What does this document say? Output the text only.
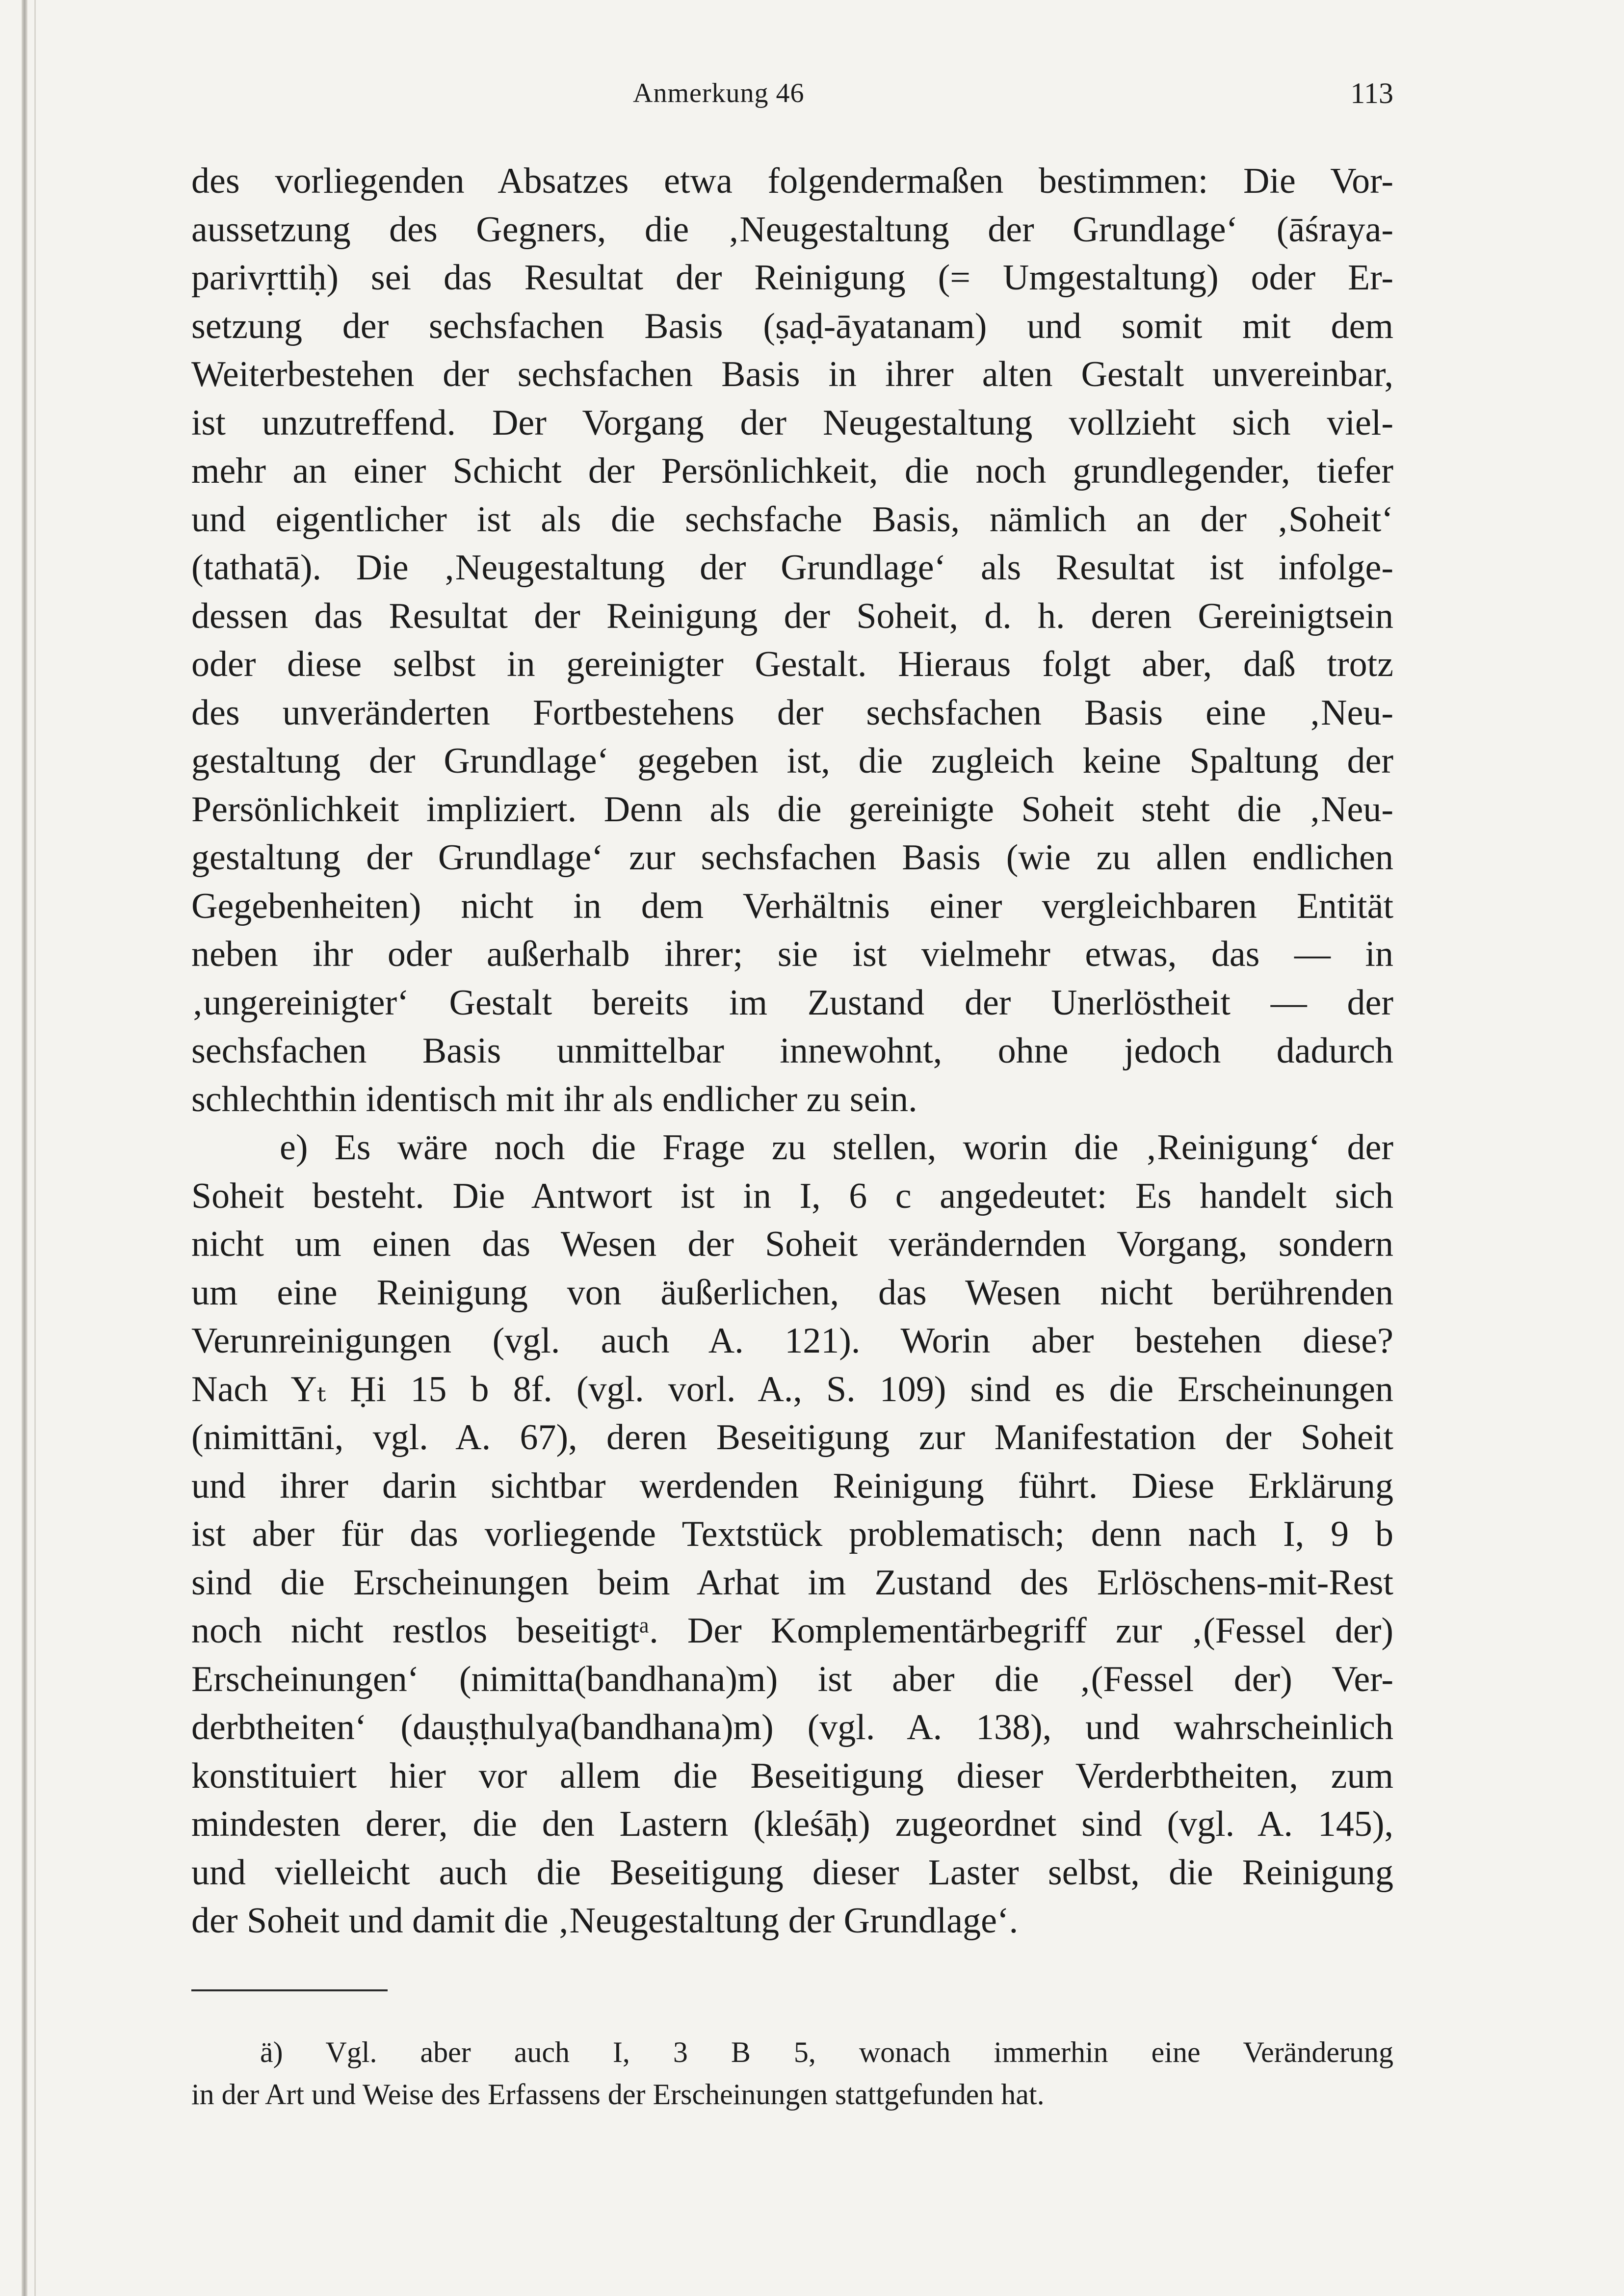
Anmerkung 46	113

des vorliegenden Absatzes etwa folgendermaßen bestimmen: Die Vor-
aussetzung des Gegners, die ‚Neugestaltung der Grundlage‘ (āśraya-
parivṛttiḥ) sei das Resultat der Reinigung (= Umgestaltung) oder Er-
setzung der sechsfachen Basis (ṣaḍ-āyatanam) und somit mit dem
Weiterbestehen der sechsfachen Basis in ihrer alten Gestalt unvereinbar,
ist unzutreffend. Der Vorgang der Neugestaltung vollzieht sich viel-
mehr an einer Schicht der Persönlichkeit, die noch grundlegender, tiefer
und eigentlicher ist als die sechsfache Basis, nämlich an der ‚Soheit‘
(tathatā). Die ‚Neugestaltung der Grundlage‘ als Resultat ist infolge-
dessen das Resultat der Reinigung der Soheit, d. h. deren Gereinigtsein
oder diese selbst in gereinigter Gestalt. Hieraus folgt aber, daß trotz
des unveränderten Fortbestehens der sechsfachen Basis eine ‚Neu-
gestaltung der Grundlage‘ gegeben ist, die zugleich keine Spaltung der
Persönlichkeit impliziert. Denn als die gereinigte Soheit steht die ‚Neu-
gestaltung der Grundlage‘ zur sechsfachen Basis (wie zu allen endlichen
Gegebenheiten) nicht in dem Verhältnis einer vergleichbaren Entität
neben ihr oder außerhalb ihrer; sie ist vielmehr etwas, das — in
‚ungereinigter‘ Gestalt bereits im Zustand der Unerlöstheit — der
sechsfachen Basis unmittelbar innewohnt, ohne jedoch dadurch
schlechthin identisch mit ihr als endlicher zu sein.

e) Es wäre noch die Frage zu stellen, worin die ‚Reinigung‘ der
Soheit besteht. Die Antwort ist in I, 6 c angedeutet: Es handelt sich
nicht um einen das Wesen der Soheit verändernden Vorgang, sondern
um eine Reinigung von äußerlichen, das Wesen nicht berührenden
Verunreinigungen (vgl. auch A. 121). Worin aber bestehen diese?
Nach Yₜ Ḥi 15 b 8f. (vgl. vorl. A., S. 109) sind es die Erscheinungen
(nimittāni, vgl. A. 67), deren Beseitigung zur Manifestation der Soheit
und ihrer darin sichtbar werdenden Reinigung führt. Diese Erklärung
ist aber für das vorliegende Textstück problematisch; denn nach I, 9 b
sind die Erscheinungen beim Arhat im Zustand des Erlöschens-mit-Rest
noch nicht restlos beseitigtᵃ. Der Komplementärbegriff zur ‚(Fessel der)
Erscheinungen‘ (nimitta(bandhana)m) ist aber die ‚(Fessel der) Ver-
derbtheiten‘ (dauṣṭhulya(bandhana)m) (vgl. A. 138), und wahrscheinlich
konstituiert hier vor allem die Beseitigung dieser Verderbtheiten, zum
mindesten derer, die den Lastern (kleśāḥ) zugeordnet sind (vgl. A. 145),
und vielleicht auch die Beseitigung dieser Laster selbst, die Reinigung
der Soheit und damit die ‚Neugestaltung der Grundlage‘.

ä) Vgl. aber auch I, 3 B 5, wonach immerhin eine Veränderung
in der Art und Weise des Erfassens der Erscheinungen stattgefunden hat.
